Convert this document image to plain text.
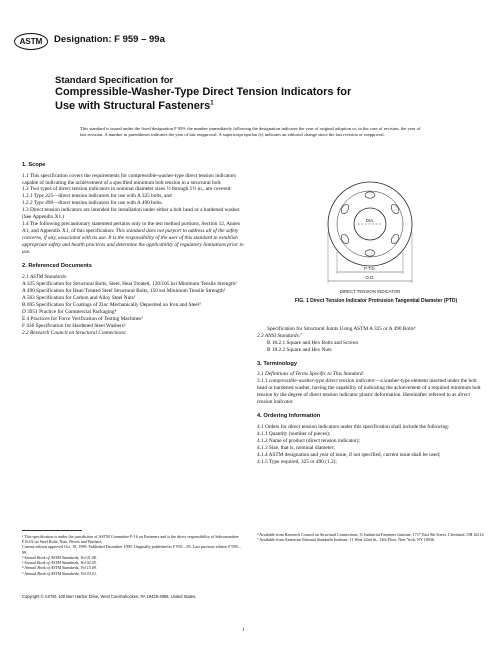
ASTM	Designation: F 959 – 99a
Standard Specification for
Compressible-Washer-Type Direct Tension Indicators for
Use with Structural Fasteners$^1$
This standard is issued under the fixed designation F 959; the number immediately following the designation indicates the year of original adoption or, in the case of revision, the year of last revision. A number in parentheses indicates the year of last reapproval. A superscript epsilon (ε) indicates an editorial change since the last revision or reapproval.
1. Scope

1.1 This specification covers the requirements for compressible-washer-type direct tension indicators capable of indicating the achievement of a specified minimum bolt tension in a structural bolt.

1.2 Two types of direct tension indicators in nominal diameter sizes ½ through 1½ in., are covered:

1.2.1 Type 325—direct tension indicators for use with A 325 bolts, and

1.2.2 Type 490—direct tension indicators for use with A 490 bolts.

1.3 Direct tension indicators are intended for installation under either a bolt head or a hardened washer. (See Appendix X1.)

1.4 The following precautionary statement pertains only to the test method portions, Section 12, Annex A1, and Appendix X1, of this specification: This standard does not purport to address all of the safety concerns, if any, associated with its use. It is the responsibility of the user of this standard to establish appropriate safety and health practices and determine the applicability of regulatory limitations prior to use.

2. Referenced Documents

2.1 ASTM Standards:

A 325 Specification for Structural Bolts, Steel, Heat Treated, 120/105 ksi Minimum Tensile Strength²

A 490 Specification for Heat-Treated Steel Structural Bolts, 150 ksi Minimum Tensile Strength²

A 563 Specification for Carbon and Alloy Steel Nuts²

B 695 Specification for Coatings of Zinc Mechanically Deposited on Iron and Steel³

D 3951 Practice for Commercial Packaging⁴

E 4 Practices for Force Verification of Testing Machines⁵

F 436 Specification for Hardened Steel Washers²

2.2 Research Council on Structural Connections:

DIA.
P.T.D.
O.D.
DIRECT TENSION INDICATOR
FIG. 1 Direct Tension Indicator Protrusion Tangential Diameter (PTD)

Specification for Structural Joints Using ASTM A 325 or A 490 Bolts⁶

2.3 ANSI Standards:⁷

B 18.2.1 Square and Hex Bolts and Screws

B 18.2.2 Square and Hex Nuts

3. Terminology

3.1 Definitions of Terms Specific to This Standard:

3.1.1 compressible-washer-type direct tension indicator—a washer-type element inserted under the bolt head or hardened washer, having the capability of indicating the achievement of a required minimum bolt tension by the degree of direct tension indicator plastic deformation. Hereinafter referred to as direct tension indicator.

4. Ordering Information

4.1 Orders for direct tension indicators under this specification shall include the following:

4.1.1 Quantity (number of pieces);

4.1.2 Name of product (direct tension indicator);

4.1.3 Size, that is, nominal diameter;

4.1.4 ASTM designation and year of issue, if not specified, current issue shall be used;

4.1.5 Type required, 325 or 490 (1.2);

¹ This specification is under the jurisdiction of ASTM Committee F-16 on Fasteners and is the direct responsibility of Subcommittee F16.02 on Steel Bolts, Nuts, Rivets and Washers.

Current edition approved Oct. 10, 1999. Published December 1999. Originally published as F 959 – 85. Last previous edition F 959 – 99.

² Annual Book of ASTM Standards, Vol 01.08.

³ Annual Book of ASTM Standards, Vol 02.05.

⁴ Annual Book of ASTM Standards, Vol 15.09.

⁵ Annual Book of ASTM Standards, Vol 03.01.

⁶ Available from Research Council on Structural Connections, % Industrial Fasteners Institute, 1717 East 9th Street, Cleveland, OH 44114.

⁷ Available from American National Standards Institute, 11 West 42nd St., 13th Floor, New York, NY 10036.

Copyright © ASTM, 100 Barr Harbor Drive, West Conshohocken, PA 19428-2959, United States.
1
